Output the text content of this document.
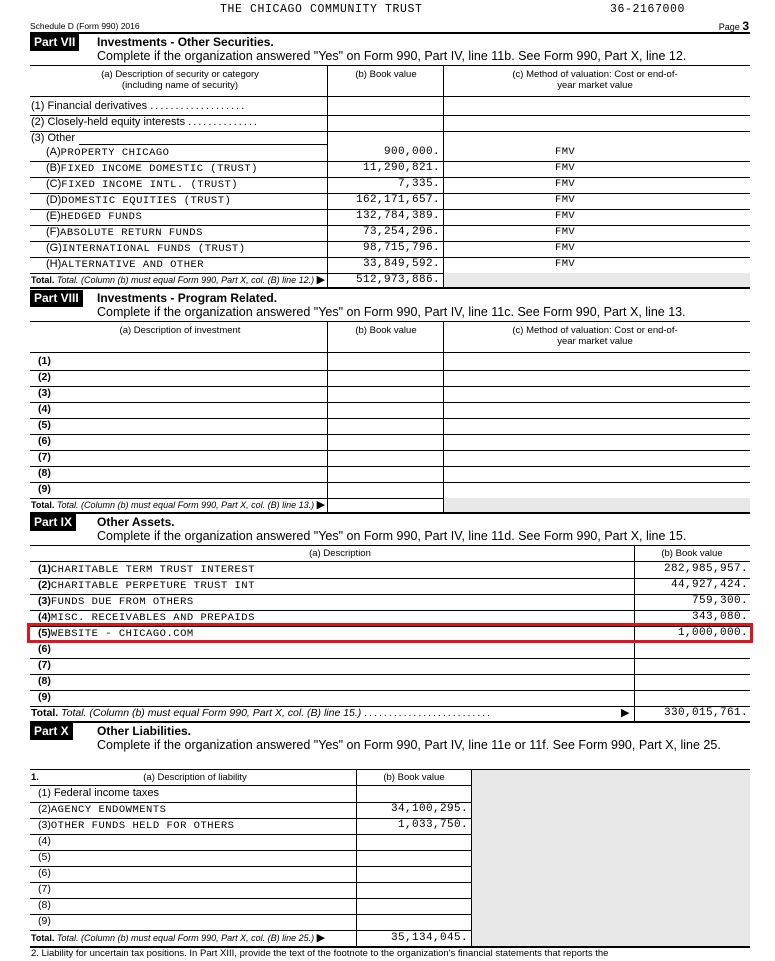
THE CHICAGO COMMUNITY TRUST	36-2167000
Schedule D (Form 990) 2016	Page 3
Part VII	Investments - Other Securities.
Complete if the organization answered "Yes" on Form 990, Part IV, line 11b. See Form 990, Part X, line 12.
(a) Description of security or category (including name of security)
(b) Book value	(c) Method of valuation: Cost or end-of-year market value
(1) Financial derivatives ...................
(2) Closely-held equity interests ..............
(3) Other
(A)PROPERTY CHICAGO	900,000.	FMV
(B)FIXED INCOME DOMESTIC (TRUST)	11,290,821.	FMV
(C)FIXED INCOME INTL. (TRUST)	7,335.	FMV
(D)DOMESTIC EQUITIES (TRUST)	162,171,657.	FMV
(E)HEDGED FUNDS	132,784,389.	FMV
(F)ABSOLUTE RETURN FUNDS	73,254,296.	FMV
(G)INTERNATIONAL FUNDS (TRUST)	98,715,796.	FMV
(H)ALTERNATIVE AND OTHER	33,849,592.	FMV
Total. Total. (Column (b) must equal Form 990, Part X, col. (B) line 12.) ▶	512,973,886.
Part VIII	Investments - Program Related.
Complete if the organization answered "Yes" on Form 990, Part IV, line 11c. See Form 990, Part X, line 13.
(a) Description of investment	(b) Book value	(c) Method of valuation: Cost or end-of-year market value
(1)
(2)
(3)
(4)
(5)
(6)
(7)
(8)
(9)
Total. Total. (Column (b) must equal Form 990, Part X, col. (B) line 13.) ▶
Part IX	Other Assets.
Complete if the organization answered "Yes" on Form 990, Part IV, line 11d. See Form 990, Part X, line 15.
(a) Description	(b) Book value
(1)CHARITABLE TERM TRUST INTEREST	282,985,957.
(2)CHARITABLE PERPETURE TRUST INT	44,927,424.
(3)FUNDS DUE FROM OTHERS	759,300.
(4)MISC. RECEIVABLES AND PREPAIDS	343,080.
(5)WEBSITE - CHICAGO.COM	1,000,000.
(6)
(7)
(8)
(9)
Total. Total. (Column (b) must equal Form 990, Part X, col. (B) line 15.) ..........................	▶	330,015,761.
Part X	Other Liabilities.
Complete if the organization answered "Yes" on Form 990, Part IV, line 11e or 11f. See Form 990, Part X, line 25.
1.	(a) Description of liability	(b) Book value
(1) Federal income taxes
(2)AGENCY ENDOWMENTS	34,100,295.
(3)OTHER FUNDS HELD FOR OTHERS	1,033,750.
(4)
(5)
(6)
(7)
(8)
(9)
Total. Total. (Column (b) must equal Form 990, Part X, col. (B) line 25.) ▶	35,134,045.
2. Liability for uncertain tax positions. In Part XIII, provide the text of the footnote to the organization's financial statements that reports the
